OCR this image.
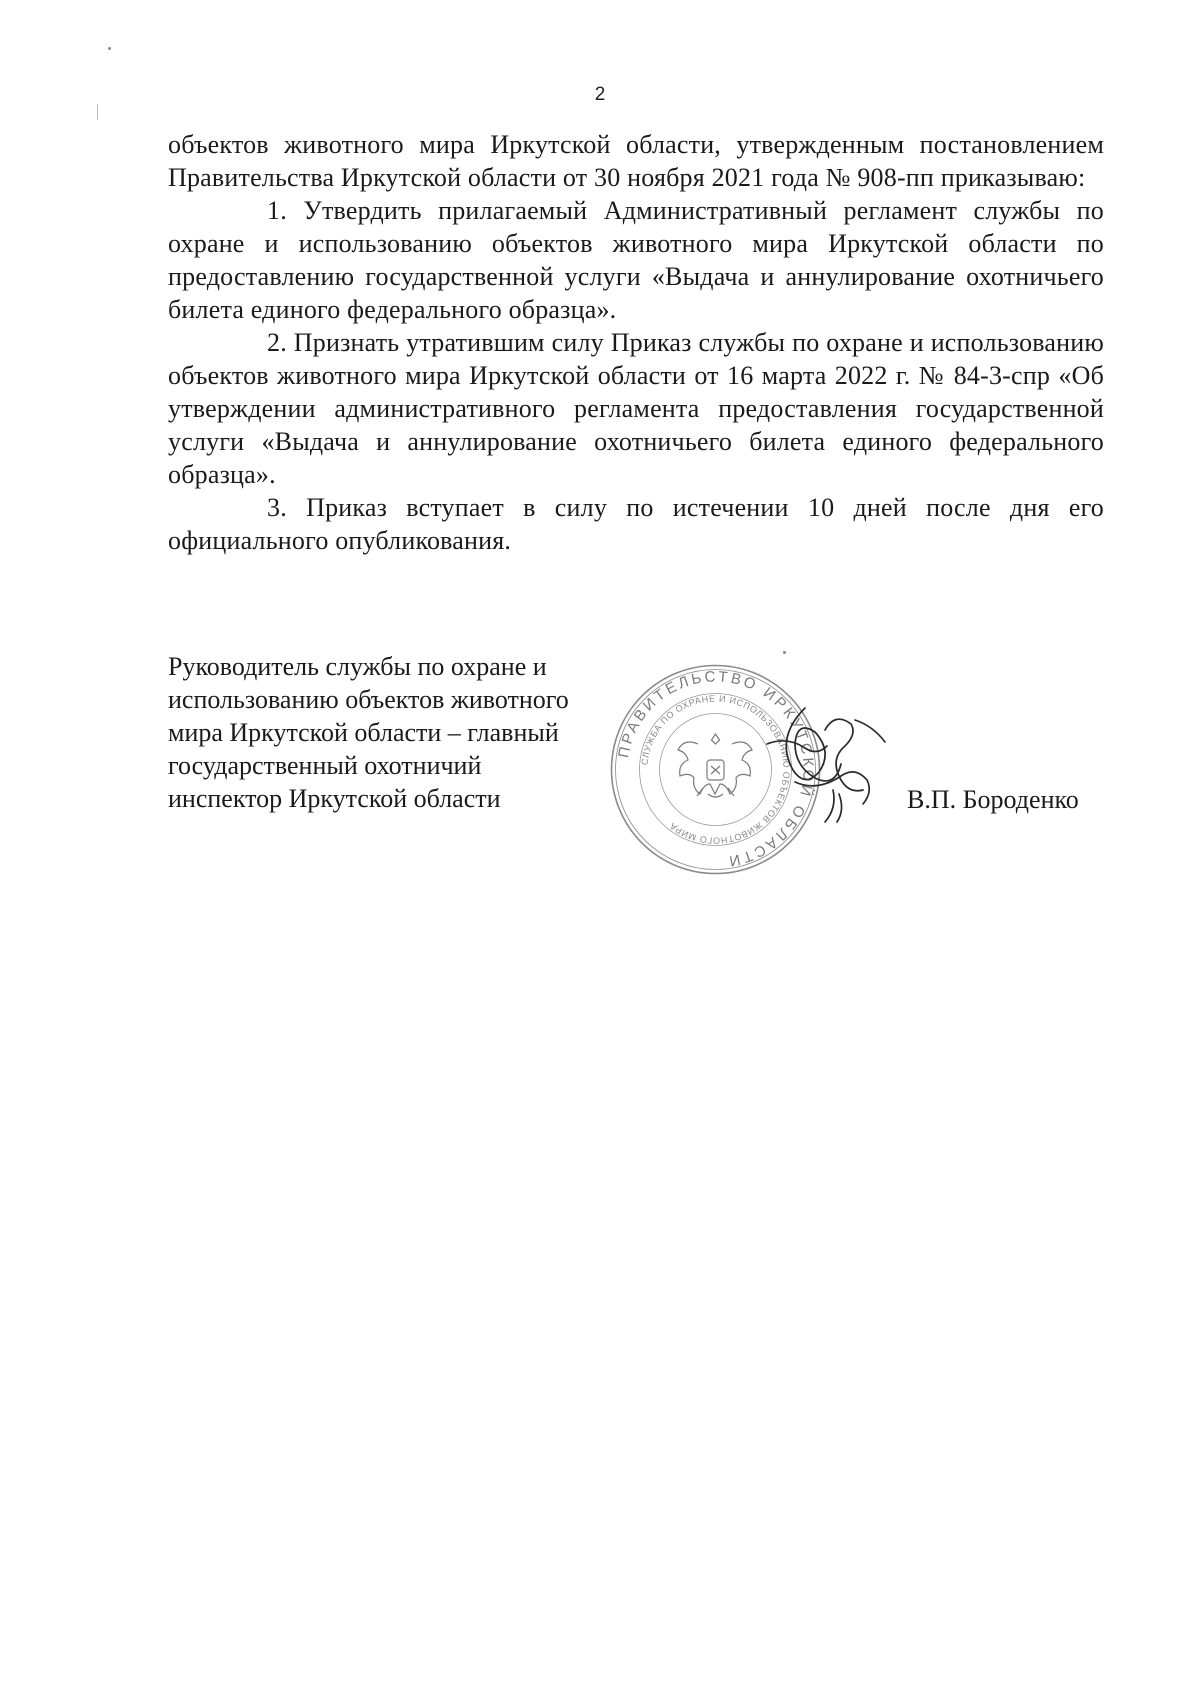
2

объектов животного мира Иркутской области, утвержденным постановлением Правительства Иркутской области от 30 ноября 2021 года № 908-пп приказываю:

1. Утвердить прилагаемый Административный регламент службы по охране и использованию объектов животного мира Иркутской области по предоставлению государственной услуги «Выдача и аннулирование охотничьего билета единого федерального образца».

2. Признать утратившим силу Приказ службы по охране и использованию объектов животного мира Иркутской области от 16 марта 2022 г. № 84-3-спр «Об утверждении административного регламента предоставления государственной услуги «Выдача и аннулирование охотничьего билета единого федерального образца».

3. Приказ вступает в силу по истечении 10 дней после дня его официального опубликования.

Руководитель службы по охране и
использованию объектов животного
мира Иркутской области – главный
государственный охотничий
инспектор Иркутской области
ПРАВИТЕЛЬСТВО ИРКУТСКОЙ ОБЛАСТИ
СЛУЖБА ПО ОХРАНЕ И ИСПОЛЬЗОВАНИЮ ОБЪЕКТОВ ЖИВОТНОГО МИРА
В.П. Бороденко
